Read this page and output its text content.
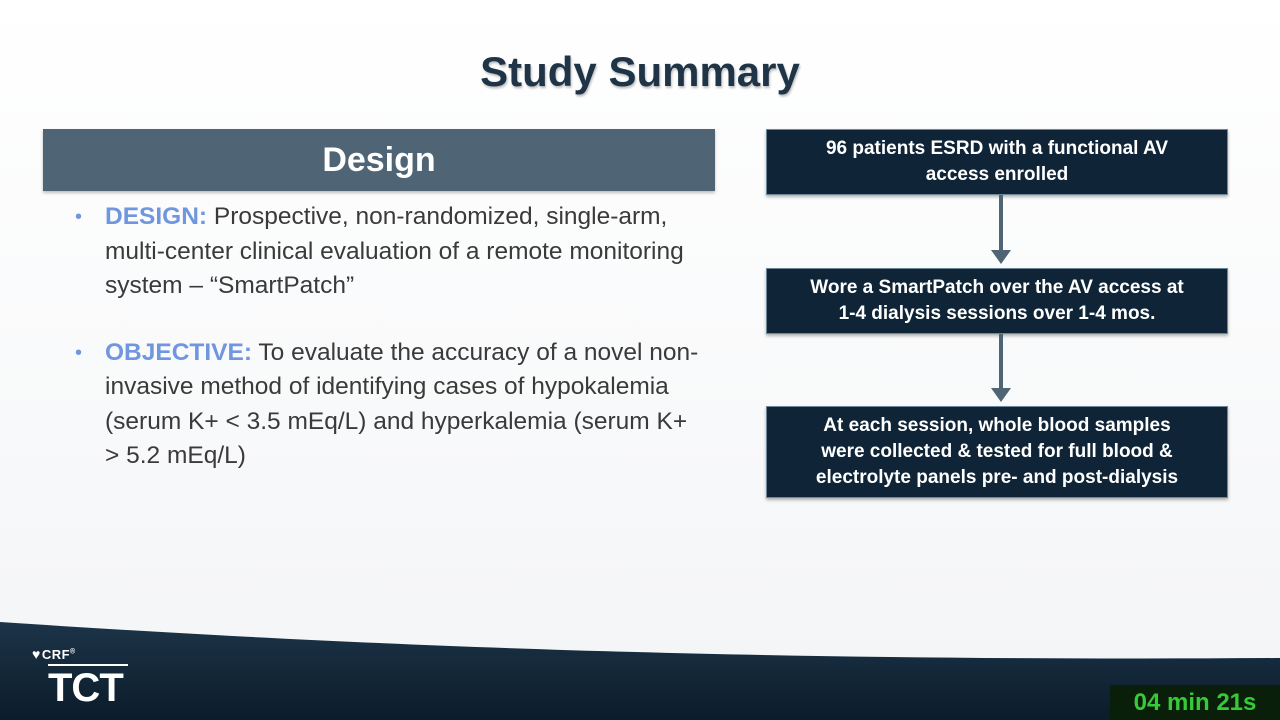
Study Summary
Design
• DESIGN: Prospective, non-randomized, single-arm, multi-center clinical evaluation of a remote monitoring system – “SmartPatch”
• OBJECTIVE: To evaluate the accuracy of a novel non-invasive method of identifying cases of hypokalemia (serum K+ < 3.5 mEq/L) and hyperkalemia (serum K+ > 5.2 mEq/L)
96 patients ESRD with a functional AV
access enrolled
Wore a SmartPatch over the AV access at
1-4 dialysis sessions over 1-4 mos.
At each session, whole blood samples
were collected & tested for full blood &
electrolyte panels pre- and post-dialysis
♥CRF®
TCT	04 min 21s
